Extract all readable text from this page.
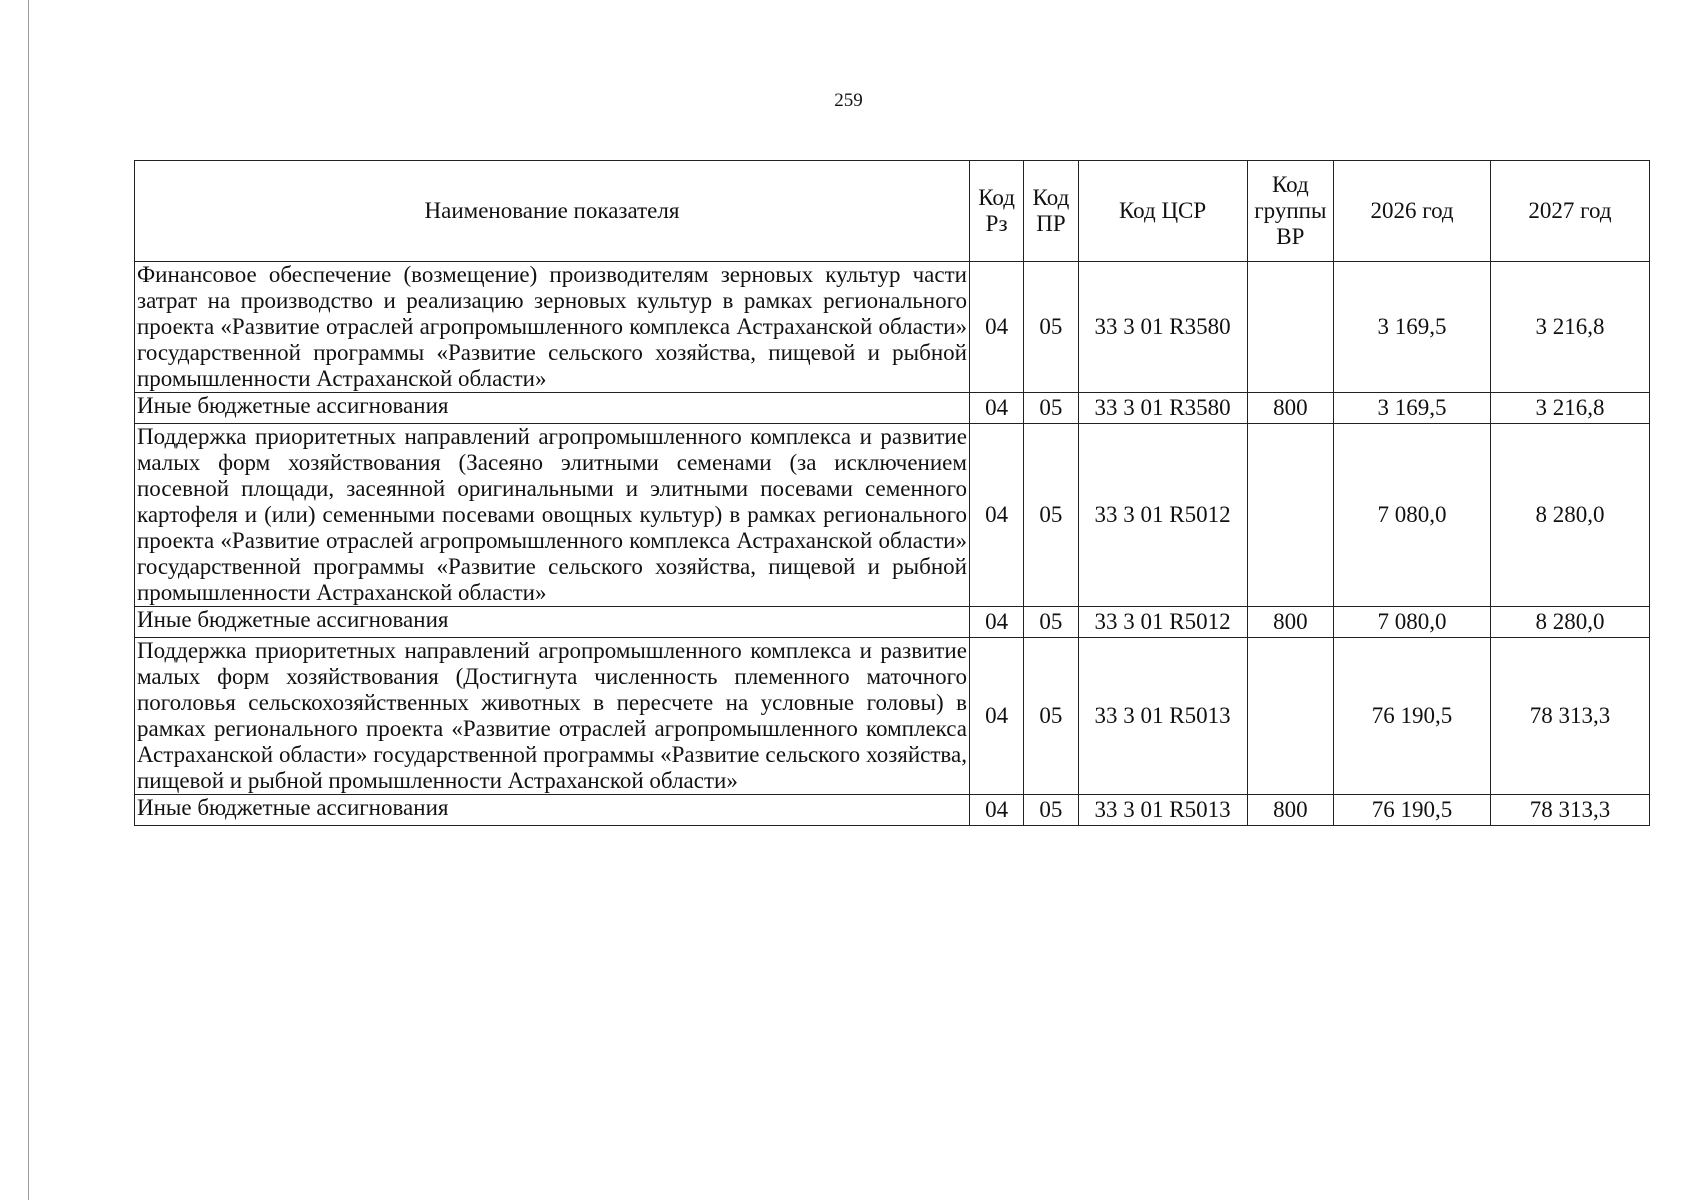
259
Наименование показателя	Код Рз	Код ПР	Код ЦСР	Код группы ВР	2026 год	2027 год
Финансовое обеспечение (возмещение) производителям зерновых культур части затрат на производство и реализацию зерновых культур в рамках регионального проекта «Развитие отраслей агропромышленного комплекса Астраханской области» государственной программы «Развитие сельского хозяйства, пищевой и рыбной промышленности Астраханской области»	04	05	33 3 01 R3580		3 169,5	3 216,8
Иные бюджетные ассигнования	04	05	33 3 01 R3580	800	3 169,5	3 216,8
Поддержка приоритетных направлений агропромышленного комплекса и развитие малых форм хозяйствования (Засеяно элитными семенами (за исключением посевной площади, засеянной оригинальными и элитными посевами семенного картофеля и (или) семенными посевами овощных культур) в рамках регионального проекта «Развитие отраслей агропромышленного комплекса Астраханской области» государственной программы «Развитие сельского хозяйства, пищевой и рыбной промышленности Астраханской области»	04	05	33 3 01 R5012		7 080,0	8 280,0
Иные бюджетные ассигнования	04	05	33 3 01 R5012	800	7 080,0	8 280,0
Поддержка приоритетных направлений агропромышленного комплекса и развитие малых форм хозяйствования (Достигнута численность племенного маточного поголовья сельскохозяйственных животных в пересчете на условные головы) в рамках регионального проекта «Развитие отраслей агропромышленного комплекса Астраханской области» государственной программы «Развитие сельского хозяйства, пищевой и рыбной промышленности Астраханской области»	04	05	33 3 01 R5013		76 190,5	78 313,3
Иные бюджетные ассигнования	04	05	33 3 01 R5013	800	76 190,5	78 313,3
